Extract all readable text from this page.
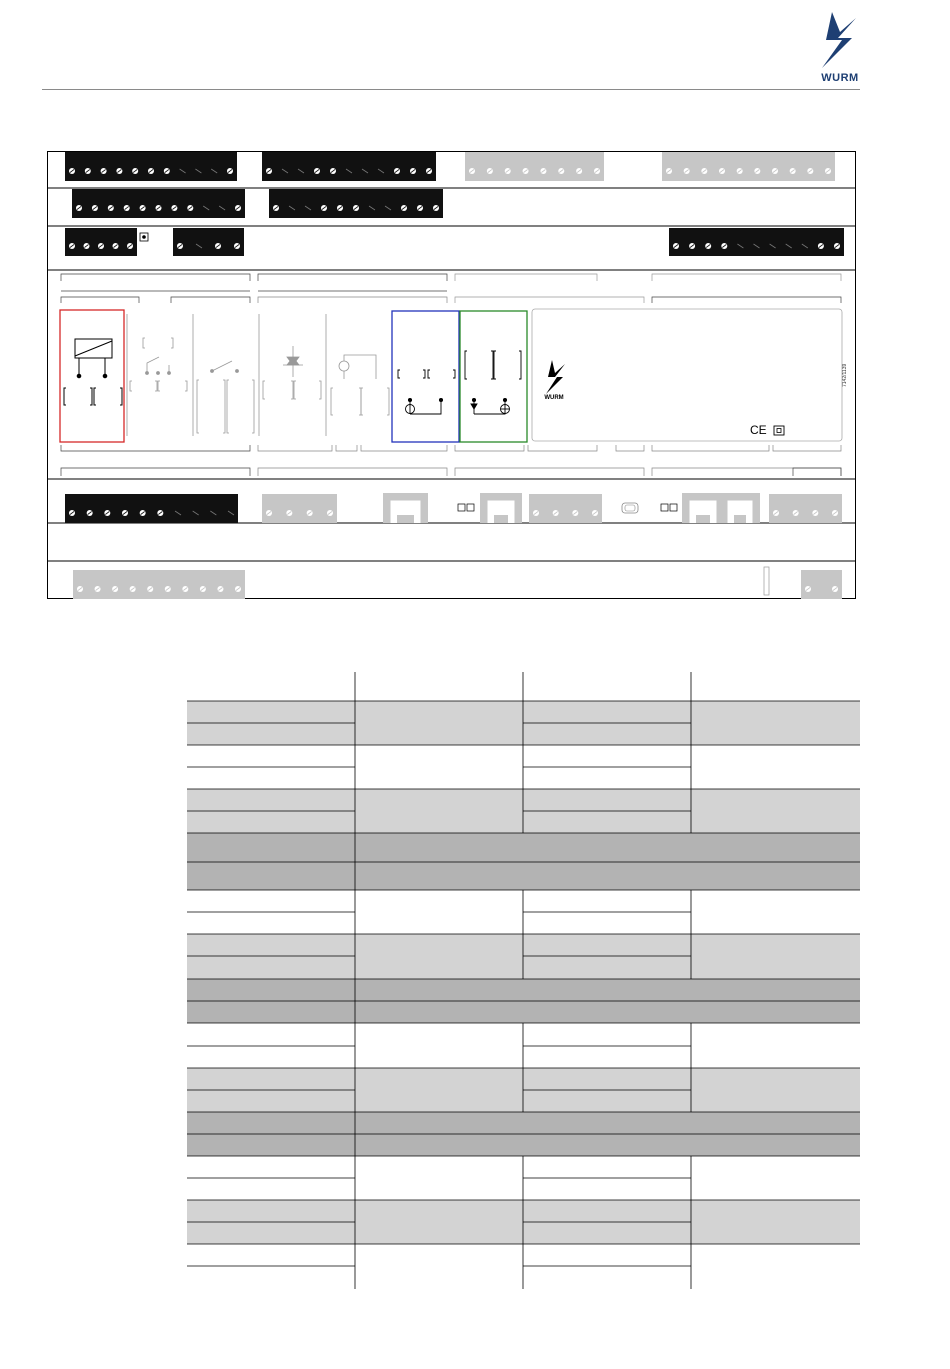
WURM
WURM
7142/1139
CE
